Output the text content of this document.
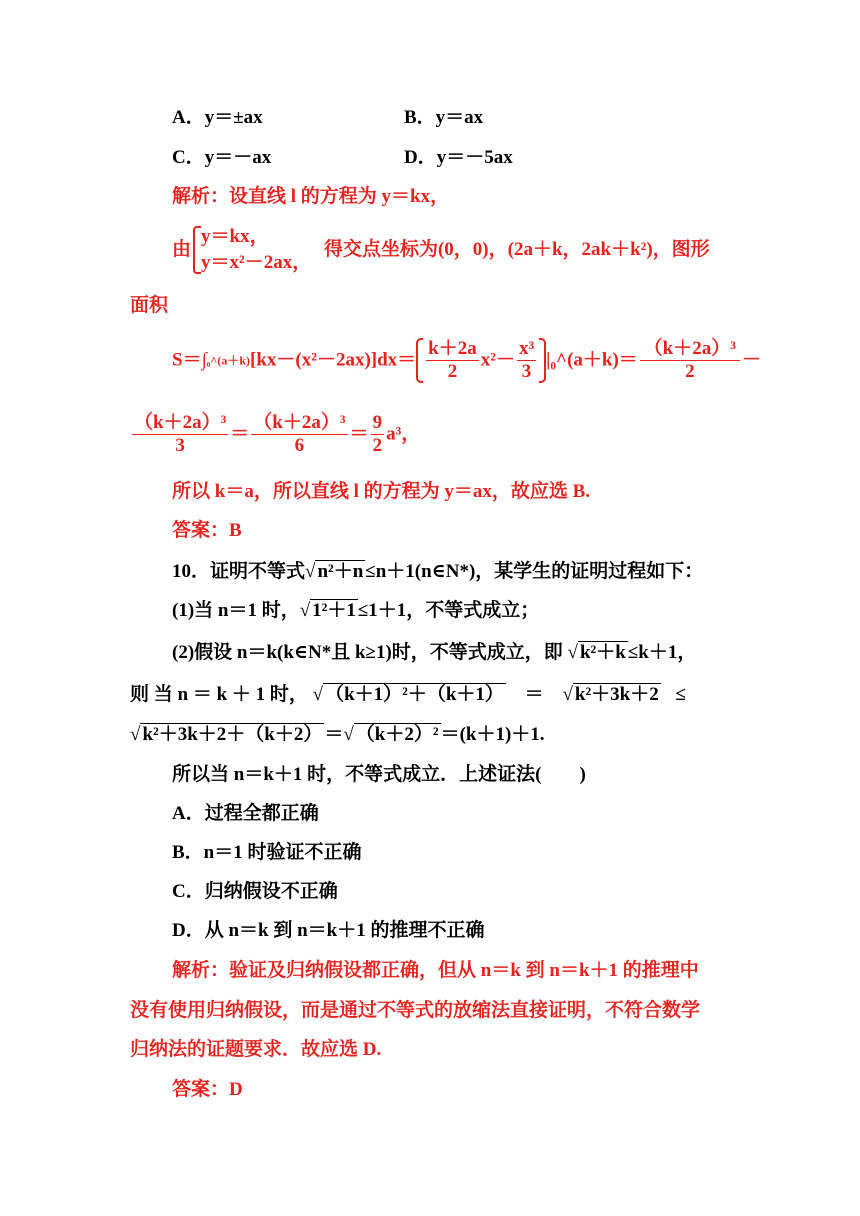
A．y＝±ax	B．y＝ax
C．y＝－ax	D．y＝－5ax
解析：设直线 l 的方程为 y＝kx，
由
y＝kx，
y＝x²－2ax，
得交点坐标为(0，0)，(2a＋k，2ak＋k²)，图形
面积
S＝∫₀^(a＋k)[kx－(x²－2ax)]dx＝ $\frac{k+2a}{2} x^2- \frac{\text{x³}}{3}$ |₀^(a＋k)＝ $\frac{\text{（k＋2a）³}}{2}$ －
$\frac{\text{（k＋2a）³}}{3} = \frac{\text{（k＋2a）³}}{6} = \frac{9}{2} a^3$，
所以 k＝a，所以直线 l 的方程为 y＝ax，故应选 B.
答案：B
10．证明不等式√ n²＋n ≤n＋1(n∈N*)，某学生的证明过程如下：
(1)当 n＝1 时，√ 1²＋1 ≤1＋1，不等式成立；
(2)假设 n＝k(k∈N*且 k≥1)时，不等式成立，即 √ k²＋k ≤k＋1，
则 当 n ＝ k ＋ 1 时， √ （k＋1）²＋（k＋1） ＝ √ k²＋3k＋2 ≤
√ k²＋3k＋2＋（k＋2） ＝√ （k＋2）² ＝(k＋1)＋1.
所以当 n＝k＋1 时，不等式成立．上述证法(　　)
A．过程全都正确
B．n＝1 时验证不正确
C．归纳假设不正确
D．从 n＝k 到 n＝k＋1 的推理不正确
解析：验证及归纳假设都正确，但从 n＝k 到 n＝k＋1 的推理中
没有使用归纳假设，而是通过不等式的放缩法直接证明，不符合数学
归纳法的证题要求．故应选 D.
答案：D
